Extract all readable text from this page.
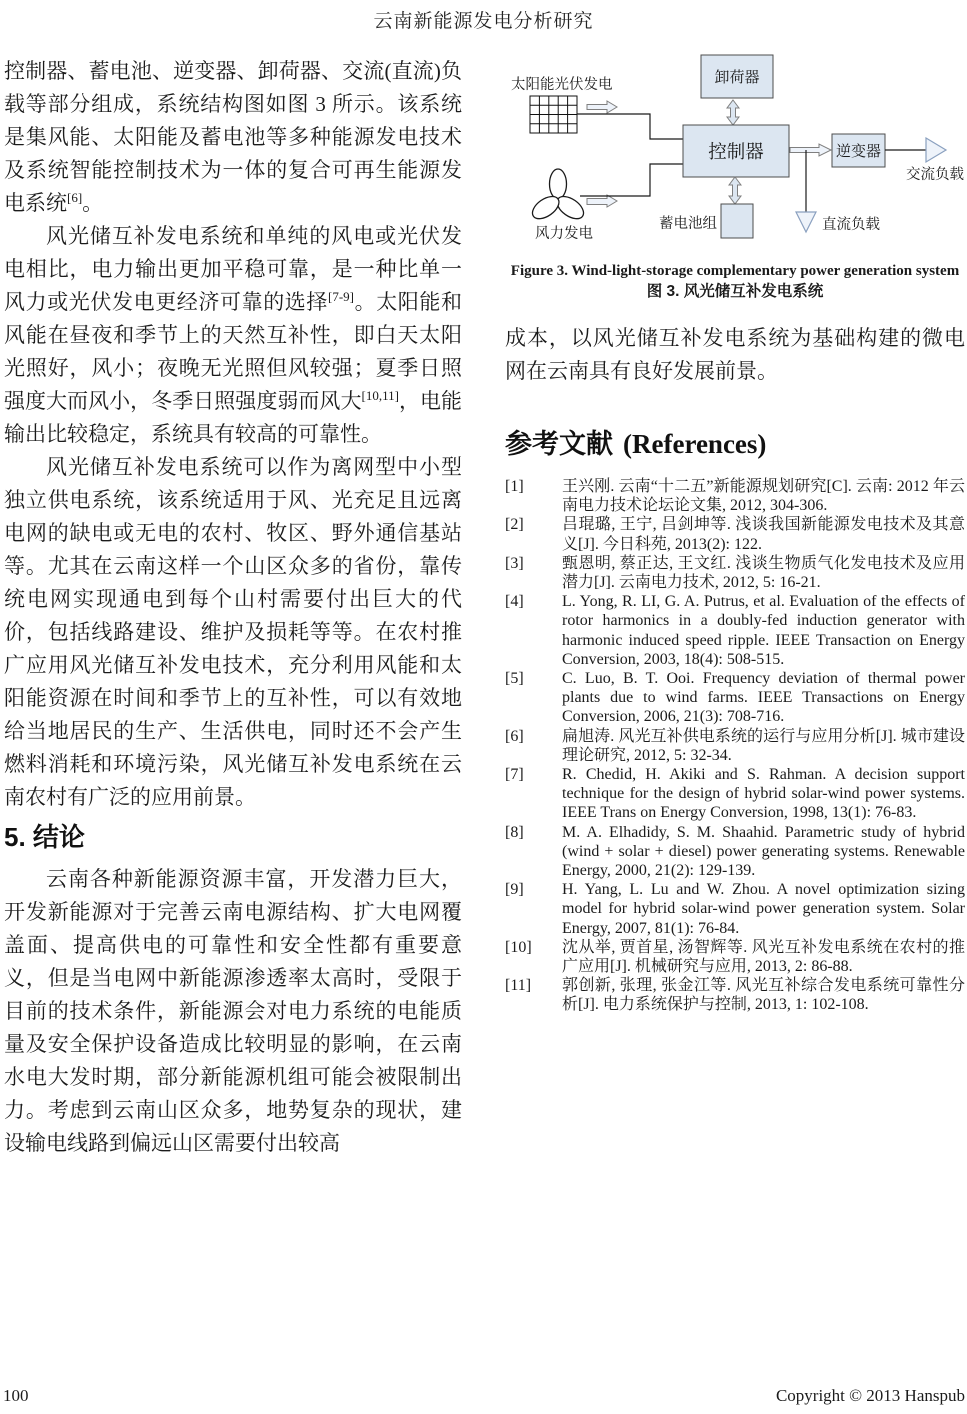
云南新能源发电分析研究

控制器、蓄电池、逆变器、卸荷器、交流(直流)负载等部分组成，系统结构图如图 3 所示。该系统是集风能、太阳能及蓄电池等多种能源发电技术及系统智能控制技术为一体的复合可再生能源发电系统[6]。

风光储互补发电系统和单纯的风电或光伏发电相比，电力输出更加平稳可靠，是一种比单一风力或光伏发电更经济可靠的选择[7-9]。太阳能和风能在昼夜和季节上的天然互补性，即白天太阳光照好，风小；夜晚无光照但风较强；夏季日照强度大而风小，冬季日照强度弱而风大[10,11]，电能输出比较稳定，系统具有较高的可靠性。

风光储互补发电系统可以作为离网型中小型独立供电系统，该系统适用于风、光充足且远离电网的缺电或无电的农村、牧区、野外通信基站等。尤其在云南这样一个山区众多的省份，靠传统电网实现通电到每个山村需要付出巨大的代价，包括线路建设、维护及损耗等等。在农村推广应用风光储互补发电技术，充分利用风能和太阳能资源在时间和季节上的互补性，可以有效地给当地居民的生产、生活供电，同时还不会产生燃料消耗和环境污染，风光储互补发电系统在云南农村有广泛的应用前景。

5. 结论

云南各种新能源资源丰富，开发潜力巨大，开发新能源对于完善云南电源结构、扩大电网覆盖面、提高供电的可靠性和安全性都有重要意义，但是当电网中新能源渗透率太高时，受限于目前的技术条件，新能源会对电力系统的电能质量及安全保护设备造成比较明显的影响，在云南水电大发时期，部分新能源机组可能会被限制出力。考虑到云南山区众多，地势复杂的现状，建设输电线路到偏远山区需要付出较高

太阳能光伏发电
风力发电
卸荷器
控制器
蓄电池组
逆变器
交流负载
直流负载
Figure 3. Wind-light-storage complementary power generation system
图 3. 风光储互补发电系统

成本，以风光储互补发电系统为基础构建的微电网在云南具有良好发展前景。

参考文献 (References)
[1]	王兴刚. 云南“十二五”新能源规划研究[C]. 云南: 2012 年云南电力技术论坛论文集, 2012, 304-306.
[2]	吕琨璐, 王宁, 吕剑坤等. 浅谈我国新能源发电技术及其意义[J]. 今日科苑, 2013(2): 122.
[3]	甄恩明, 蔡正达, 王文红. 浅谈生物质气化发电技术及应用潜力[J]. 云南电力技术, 2012, 5: 16-21.
[4]	L. Yong, R. LI, G. A. Putrus, et al. Evaluation of the effects of rotor harmonics in a doubly-fed induction generator with harmonic induced speed ripple. IEEE Transaction on Energy Conversion, 2003, 18(4): 508-515.
[5]	C. Luo, B. T. Ooi. Frequency deviation of thermal power plants due to wind farms. IEEE Transactions on Energy Conversion, 2006, 21(3): 708-716.
[6]	扁旭涛. 风光互补供电系统的运行与应用分析[J]. 城市建设理论研究, 2012, 5: 32-34.
[7]	R. Chedid, H. Akiki and S. Rahman. A decision support technique for the design of hybrid solar-wind power systems. IEEE Trans on Energy Conversion, 1998, 13(1): 76-83.
[8]	M. A. Elhadidy, S. M. Shaahid. Parametric study of hybrid (wind + solar + diesel) power generating systems. Renewable Energy, 2000, 21(2): 129-139.
[9]	H. Yang, L. Lu and W. Zhou. A novel optimization sizing model for hybrid solar-wind power generation system. Solar Energy, 2007, 81(1): 76-84.
[10]	沈从举, 贾首星, 汤智辉等. 风光互补发电系统在农村的推广应用[J]. 机械研究与应用, 2013, 2: 86-88.
[11]	郭创新, 张理, 张金江等. 风光互补综合发电系统可靠性分析[J]. 电力系统保护与控制, 2013, 1: 102-108.
100	Copyright © 2013 Hanspub
